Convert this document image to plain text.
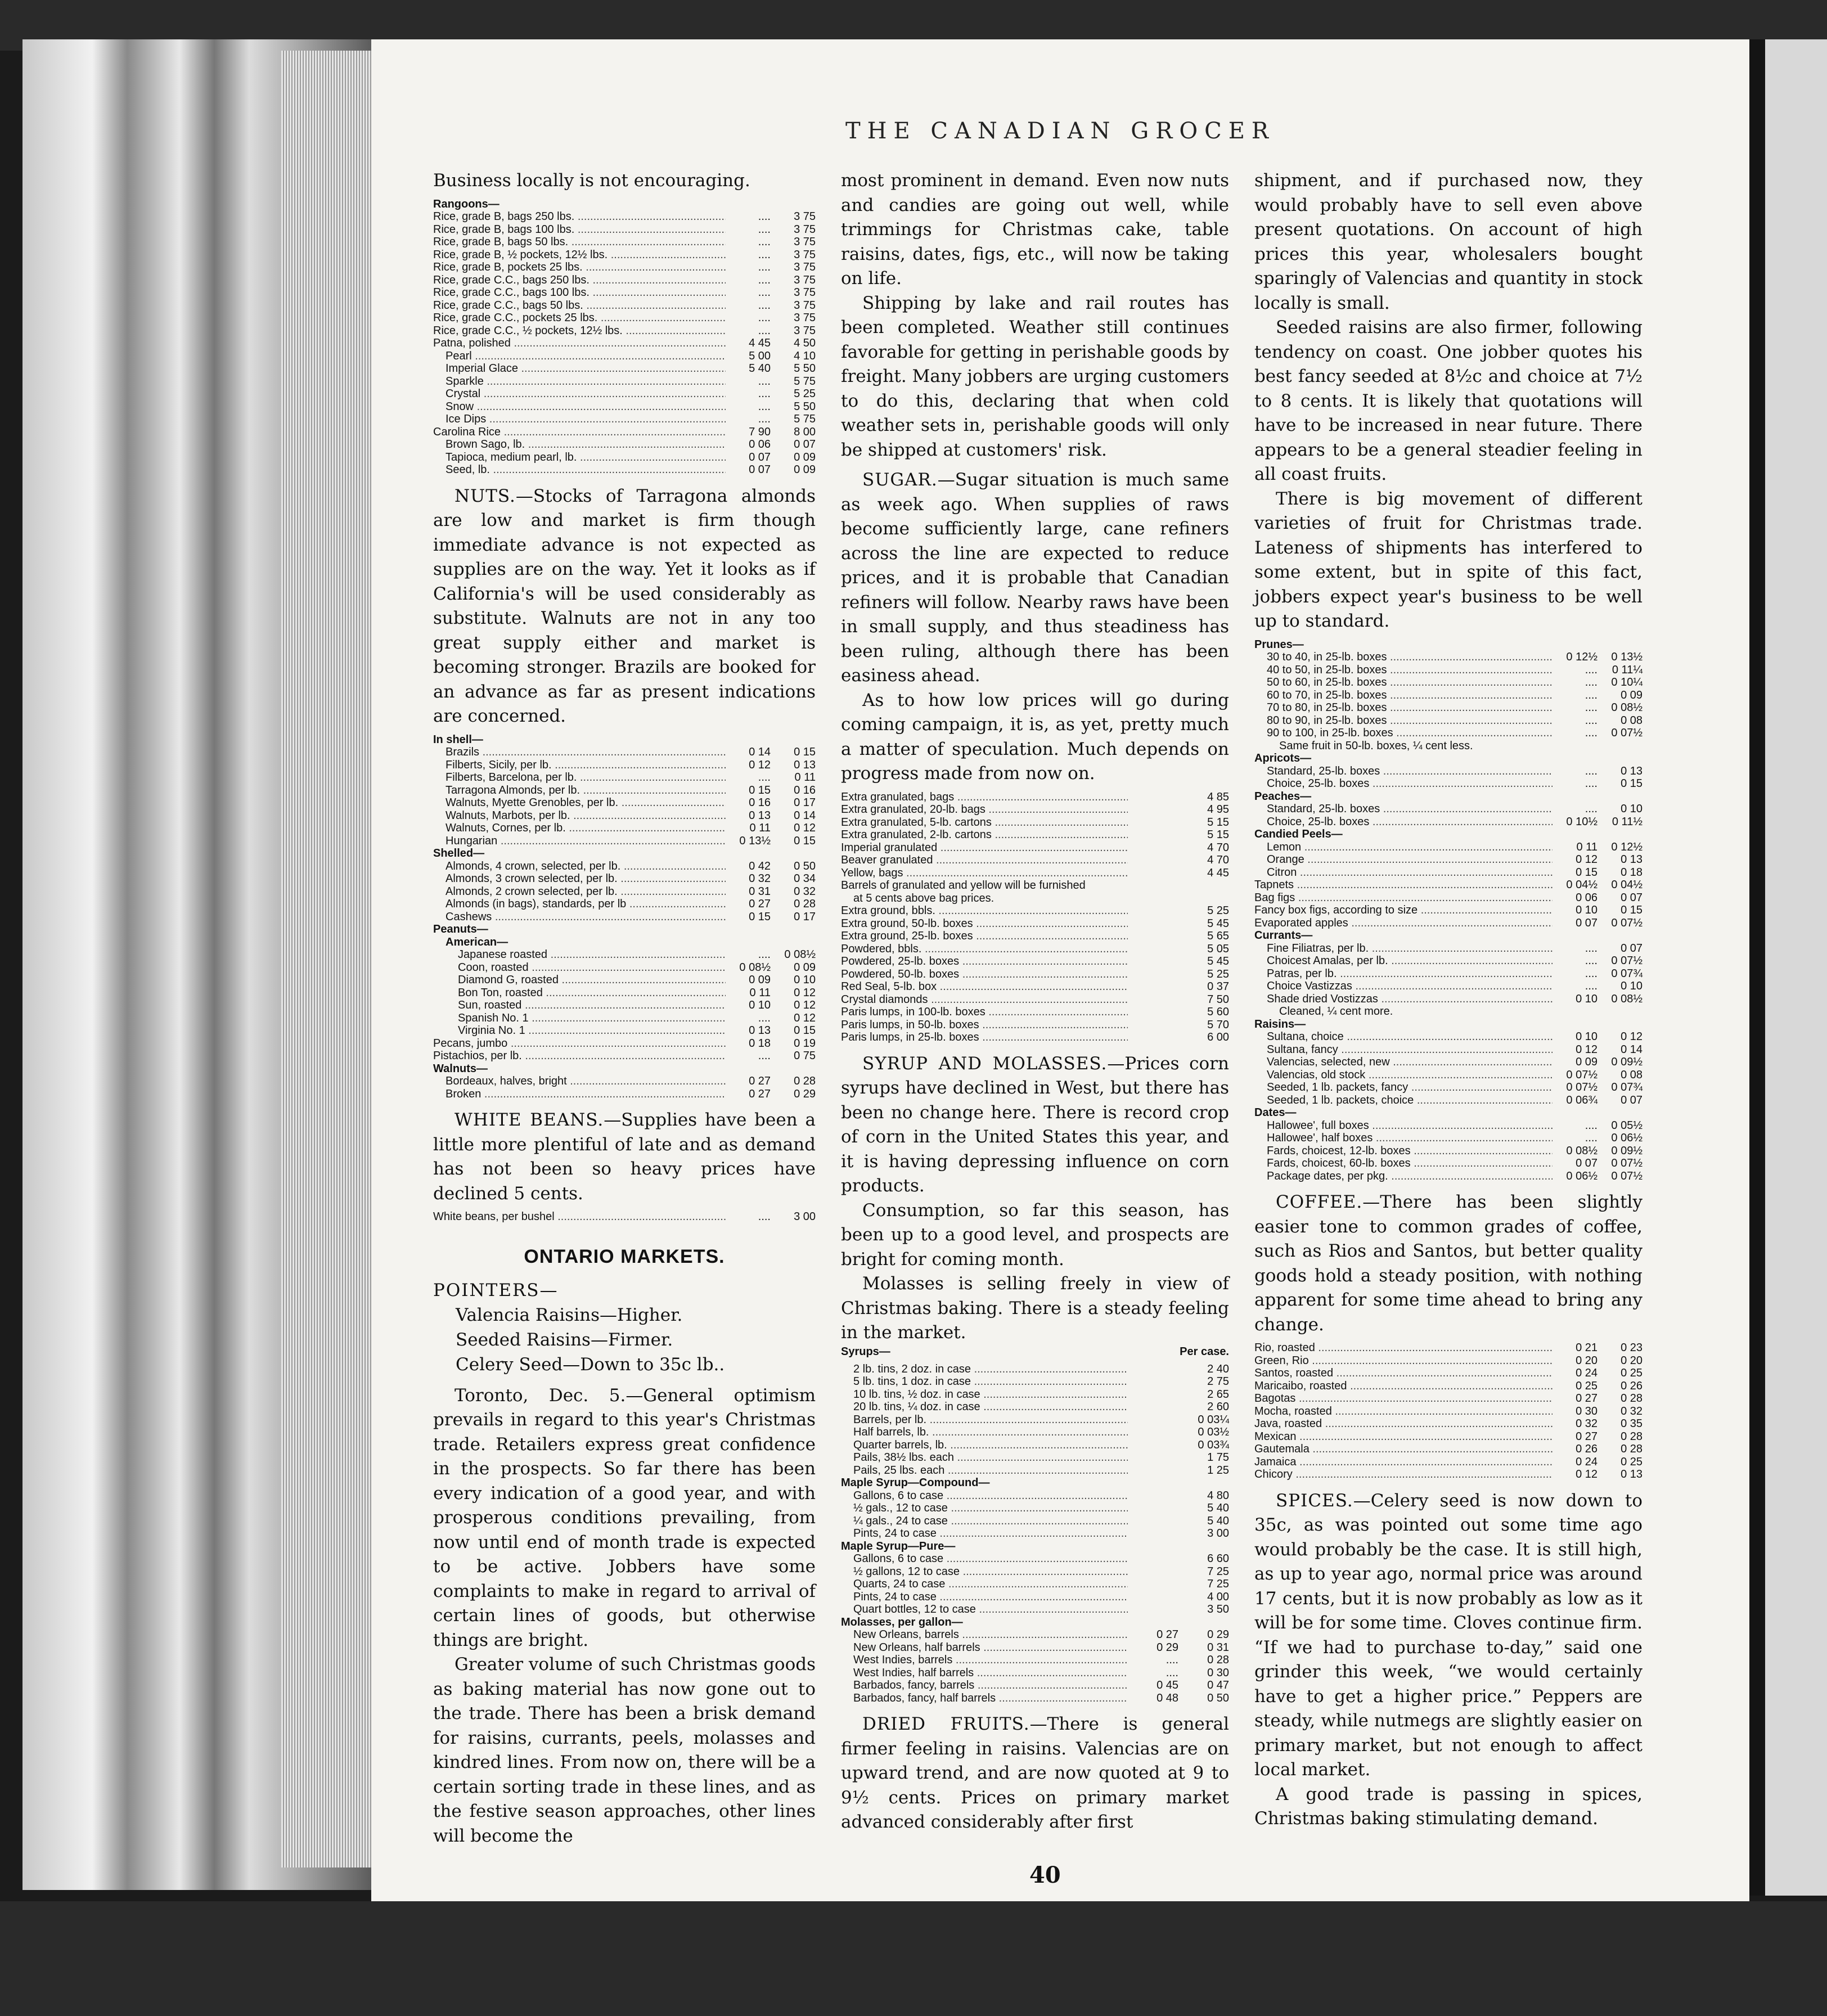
THE CANADIAN GROCER

Business locally is not encouraging.

Rangoons—
Rice, grade B, bags 250 lbs. .....	....	3 75
Rice, grade B, bags 100 lbs. .....	....	3 75
Rice, grade B, bags 50 lbs. .....	....	3 75
Rice, grade B, ½ pockets, 12½ lbs. .....	....	3 75
Rice, grade B, pockets 25 lbs. .....	....	3 75
Rice, grade C.C., bags 250 lbs. .....	....	3 75
Rice, grade C.C., bags 100 lbs. .....	....	3 75
Rice, grade C.C., bags 50 lbs. .....	....	3 75
Rice, grade C.C., pockets 25 lbs. .....	....	3 75
Rice, grade C.C., ½ pockets, 12½ lbs. .....	....	3 75
Patna, polished .....	4 45	4 50
Pearl .....	5 00	4 10
Imperial Glace .....	5 40	5 50
Sparkle .....	....	5 75
Crystal .....	....	5 25
Snow .....	....	5 50
Ice Dips .....	....	5 75
Carolina Rice .....	7 90	8 00
Brown Sago, lb. .....	0 06	0 07
Tapioca, medium pearl, lb. .....	0 07	0 09
Seed, lb. .....	0 07	0 09

NUTS.—Stocks of Tarragona almonds are low and market is firm though immediate advance is not expected as supplies are on the way. Yet it looks as if California's will be used considerably as substitute. Walnuts are not in any too great supply either and market is becoming stronger. Brazils are booked for an advance as far as present indications are concerned.

In shell—
Brazils .....	0 14	0 15
Filberts, Sicily, per lb. .....	0 12	0 13
Filberts, Barcelona, per lb. .....	....	0 11
Tarragona Almonds, per lb. .....	0 15	0 16
Walnuts, Myette Grenobles, per lb. .....	0 16	0 17
Walnuts, Marbots, per lb. .....	0 13	0 14
Walnuts, Cornes, per lb. .....	0 11	0 12
Hungarian .....	0 13½	0 15
Shelled—
Almonds, 4 crown, selected, per lb. .....	0 42	0 50
Almonds, 3 crown selected, per lb. .....	0 32	0 34
Almonds, 2 crown selected, per lb. .....	0 31	0 32
Almonds (in bags), standards, per lb .....	0 27	0 28
Cashews .....	0 15	0 17
Peanuts—
American—
Japanese roasted .....	....	0 08½
Coon, roasted .....	0 08½	0 09
Diamond G, roasted .....	0 09	0 10
Bon Ton, roasted .....	0 11	0 12
Sun, roasted .....	0 10	0 12
Spanish No. 1 .....	....	0 12
Virginia No. 1 .....	0 13	0 15
Pecans, jumbo .....	0 18	0 19
Pistachios, per lb. .....	....	0 75
Walnuts—
Bordeaux, halves, bright .....	0 27	0 28
Broken .....	0 27	0 29

WHITE BEANS.—Supplies have been a little more plentiful of late and as demand has not been so heavy prices have declined 5 cents.

White beans, per bushel .....	....	3 00
ONTARIO MARKETS.
POINTERS—
Valencia Raisins—Higher.
Seeded Raisins—Firmer.
Celery Seed—Down to 35c lb..

Toronto, Dec. 5.—General optimism prevails in regard to this year's Christmas trade. Retailers express great confidence in the prospects. So far there has been every indication of a good year, and with prosperous conditions prevailing, from now until end of month trade is expected to be active. Jobbers have some complaints to make in regard to arrival of certain lines of goods, but otherwise things are bright.

Greater volume of such Christmas goods as baking material has now gone out to the trade. There has been a brisk demand for raisins, currants, peels, molasses and kindred lines. From now on, there will be a certain sorting trade in these lines, and as the festive season approaches, other lines will become the

most prominent in demand. Even now nuts and candies are going out well, while trimmings for Christmas cake, table raisins, dates, figs, etc., will now be taking on life.

Shipping by lake and rail routes has been completed. Weather still continues favorable for getting in perishable goods by freight. Many jobbers are urging customers to do this, declaring that when cold weather sets in, perishable goods will only be shipped at customers' risk.

SUGAR.—Sugar situation is much same as week ago. When supplies of raws become sufficiently large, cane refiners across the line are expected to reduce prices, and it is probable that Canadian refiners will follow. Nearby raws have been in small supply, and thus steadiness has been ruling, although there has been easiness ahead.

As to how low prices will go during coming campaign, it is, as yet, pretty much a matter of speculation. Much depends on progress made from now on.

Extra granulated, bags .....	4 85
Extra granulated, 20-lb. bags .....	4 95
Extra granulated, 5-lb. cartons .....	5 15
Extra granulated, 2-lb. cartons .....	5 15
Imperial granulated .....	4 70
Beaver granulated .....	4 70
Yellow, bags .....	4 45
Barrels of granulated and yellow will be furnished
at 5 cents above bag prices.
Extra ground, bbls. .....	5 25
Extra ground, 50-lb. boxes .....	5 45
Extra ground, 25-lb. boxes .....	5 65
Powdered, bbls. .....	5 05
Powdered, 25-lb. boxes .....	5 45
Powdered, 50-lb. boxes .....	5 25
Red Seal, 5-lb. box .....	0 37
Crystal diamonds .....	7 50
Paris lumps, in 100-lb. boxes .....	5 60
Paris lumps, in 50-lb. boxes .....	5 70
Paris lumps, in 25-lb. boxes .....	6 00

SYRUP AND MOLASSES.—Prices corn syrups have declined in West, but there has been no change here. There is record crop of corn in the United States this year, and it is having depressing influence on corn products.

Consumption, so far this season, has been up to a good level, and prospects are bright for coming month.

Molasses is selling freely in view of Christmas baking. There is a steady feeling in the market.

Syrups—	Per case.
2 lb. tins, 2 doz. in case .....	2 40
5 lb. tins, 1 doz. in case .....	2 75
10 lb. tins, ½ doz. in case .....	2 65
20 lb. tins, ¼ doz. in case .....	2 60
Barrels, per lb. .....	0 03¼
Half barrels, lb. .....	0 03½
Quarter barrels, lb. .....	0 03¾
Pails, 38½ lbs. each .....	1 75
Pails, 25 lbs. each .....	1 25
Maple Syrup—Compound—
Gallons, 6 to case .....	4 80
½ gals., 12 to case .....	5 40
¼ gals., 24 to case .....	5 40
Pints, 24 to case .....	3 00
Maple Syrup—Pure—
Gallons, 6 to case .....	6 60
½ gallons, 12 to case .....	7 25
Quarts, 24 to case .....	7 25
Pints, 24 to case .....	4 00
Quart bottles, 12 to case .....	3 50
Molasses, per gallon—
New Orleans, barrels .....	0 27	0 29
New Orleans, half barrels .....	0 29	0 31
West Indies, barrels .....	....	0 28
West Indies, half barrels .....	....	0 30
Barbados, fancy, barrels .....	0 45	0 47
Barbados, fancy, half barrels .....	0 48	0 50

DRIED FRUITS.—There is general firmer feeling in raisins. Valencias are on upward trend, and are now quoted at 9 to 9½ cents. Prices on primary market advanced considerably after first

shipment, and if purchased now, they would probably have to sell even above present quotations. On account of high prices this year, wholesalers bought sparingly of Valencias and quantity in stock locally is small.

Seeded raisins are also firmer, following tendency on coast. One jobber quotes his best fancy seeded at 8½c and choice at 7½ to 8 cents. It is likely that quotations will have to be increased in near future. There appears to be a general steadier feeling in all coast fruits.

There is big movement of different varieties of fruit for Christmas trade. Lateness of shipments has interfered to some extent, but in spite of this fact, jobbers expect year's business to be well up to standard.

Prunes—
30 to 40, in 25-lb. boxes .....	0 12½	0 13½
40 to 50, in 25-lb. boxes .....	....	0 11¼
50 to 60, in 25-lb. boxes .....	....	0 10¼
60 to 70, in 25-lb. boxes .....	....	0 09
70 to 80, in 25-lb. boxes .....	....	0 08½
80 to 90, in 25-lb. boxes .....	....	0 08
90 to 100, in 25-lb. boxes .....	....	0 07½
Same fruit in 50-lb. boxes, ¼ cent less.
Apricots—
Standard, 25-lb. boxes .....	....	0 13
Choice, 25-lb. boxes .....	....	0 15
Peaches—
Standard, 25-lb. boxes .....	....	0 10
Choice, 25-lb. boxes .....	0 10½	0 11½
Candied Peels—
Lemon .....	0 11	0 12½
Orange .....	0 12	0 13
Citron .....	0 15	0 18
Tapnets .....	0 04½	0 04½
Bag figs .....	0 06	0 07
Fancy box figs, according to size .....	0 10	0 15
Evaporated apples .....	0 07	0 07½
Currants—
Fine Filiatras, per lb. .....	....	0 07
Choicest Amalas, per lb. .....	....	0 07½
Patras, per lb. .....	....	0 07¾
Choice Vastizzas .....	....	0 10
Shade dried Vostizzas .....	0 10	0 08½
Cleaned, ¼ cent more.
Raisins—
Sultana, choice .....	0 10	0 12
Sultana, fancy .....	0 12	0 14
Valencias, selected, new .....	0 09	0 09½
Valencias, old stock .....	0 07½	0 08
Seeded, 1 lb. packets, fancy .....	0 07½	0 07¾
Seeded, 1 lb. packets, choice .....	0 06¾	0 07
Dates—
Hallowee', full boxes .....	....	0 05½
Hallowee', half boxes .....	....	0 06½
Fards, choicest, 12-lb. boxes .....	0 08½	0 09½
Fards, choicest, 60-lb. boxes .....	0 07	0 07½
Package dates, per pkg. .....	0 06½	0 07½

COFFEE.—There has been slightly easier tone to common grades of coffee, such as Rios and Santos, but better quality goods hold a steady position, with nothing apparent for some time ahead to bring any change.

Rio, roasted .....	0 21	0 23
Green, Rio .....	0 20	0 20
Santos, roasted .....	0 24	0 25
Maricaibo, roasted .....	0 25	0 26
Bagotas .....	0 27	0 28
Mocha, roasted .....	0 30	0 32
Java, roasted .....	0 32	0 35
Mexican .....	0 27	0 28
Gautemala .....	0 26	0 28
Jamaica .....	0 24	0 25
Chicory .....	0 12	0 13

SPICES.—Celery seed is now down to 35c, as was pointed out some time ago would probably be the case. It is still high, as up to year ago, normal price was around 17 cents, but it is now probably as low as it will be for some time. Cloves continue firm. “If we had to purchase to-day,” said one grinder this week, “we would certainly have to get a higher price.” Peppers are steady, while nutmegs are slightly easier on primary market, but not enough to affect local market.

A good trade is passing in spices, Christmas baking stimulating demand.

40
